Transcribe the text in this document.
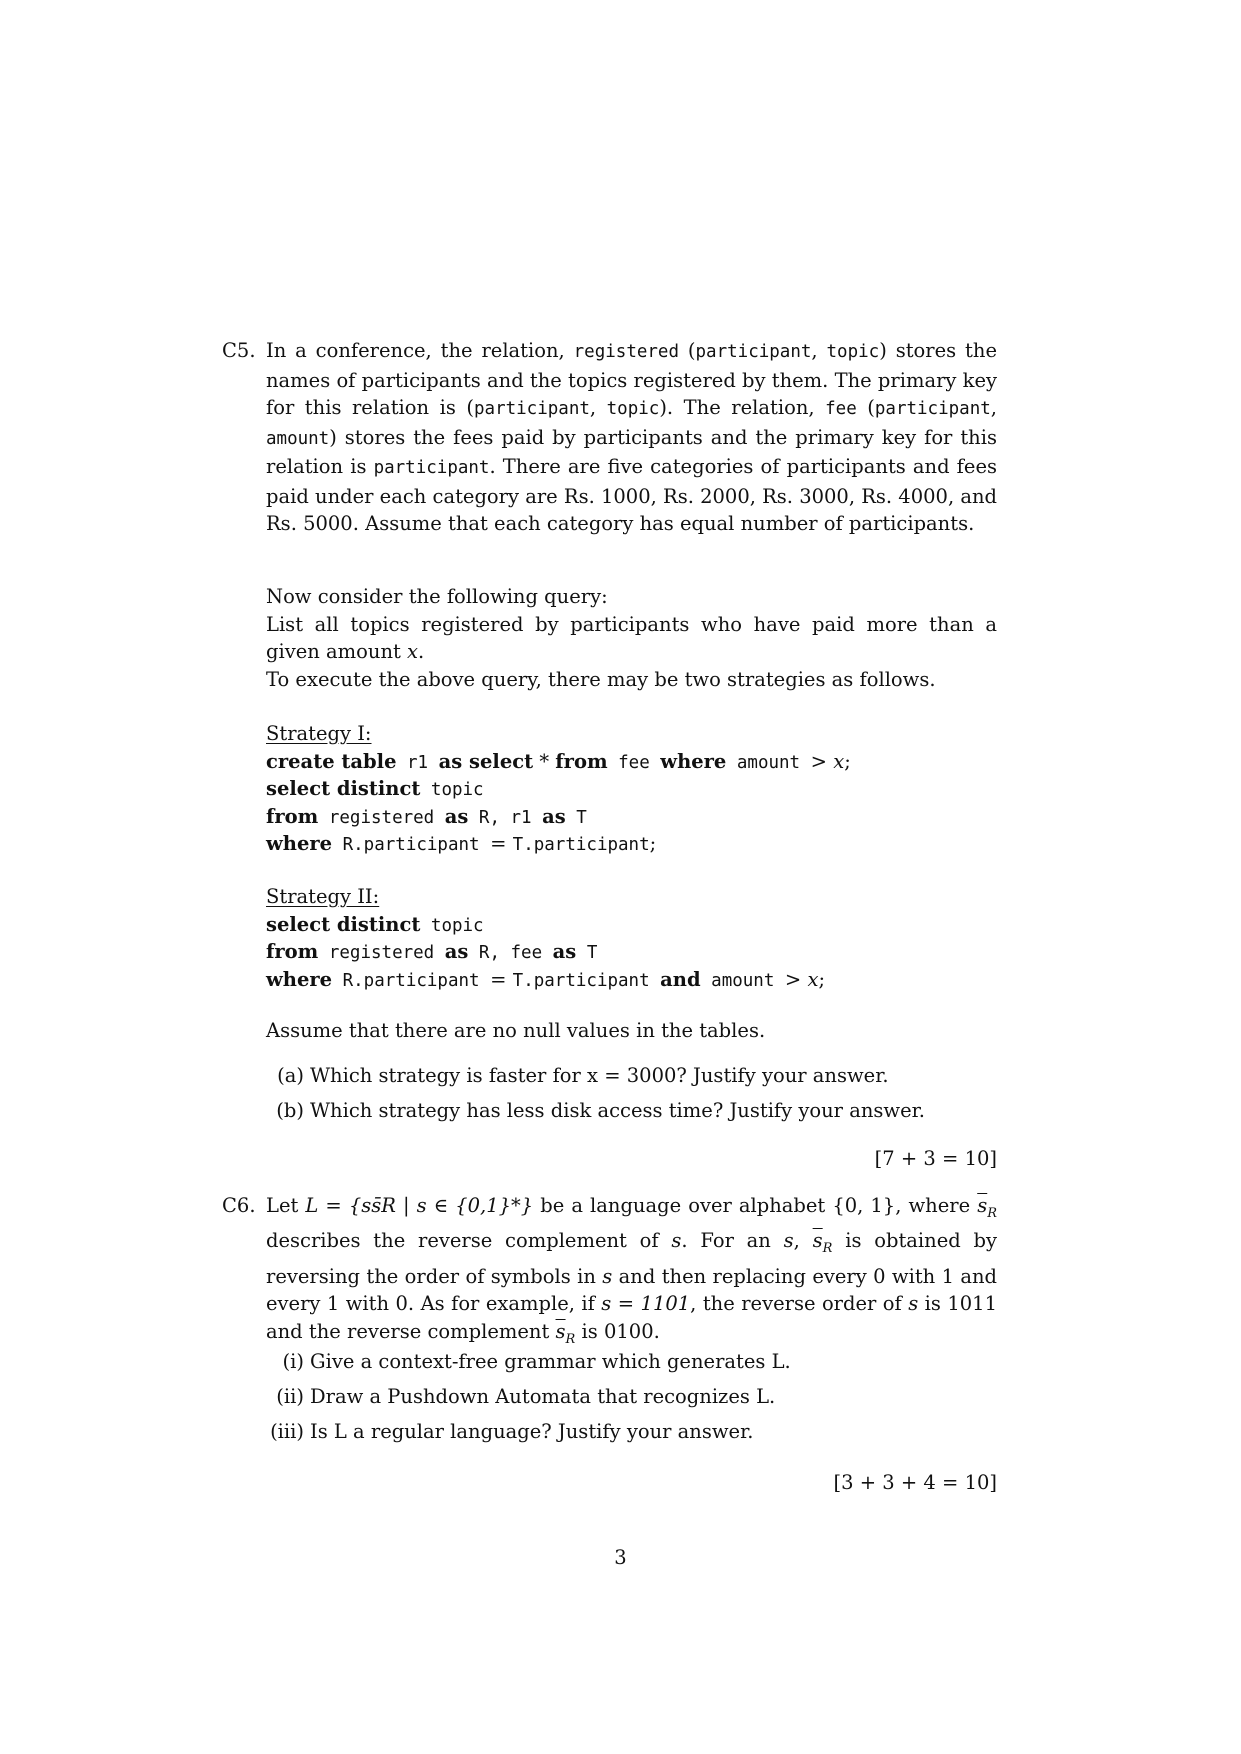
C5. In a conference, the relation, registered (participant, topic) stores the names of participants and the topics registered by them. The primary key for this relation is (participant, topic). The relation, fee (participant, amount) stores the fees paid by participants and the primary key for this relation is participant. There are five categories of participants and fees paid under each category are Rs. 1000, Rs. 2000, Rs. 3000, Rs. 4000, and Rs. 5000. Assume that each category has equal number of participants.

Now consider the following query:
List all topics registered by participants who have paid more than a given amount x.
To execute the above query, there may be two strategies as follows.
Strategy I:
create table r1 as select * from fee where amount > x;
select distinct topic
from registered as R, r1 as T
where R.participant = T.participant;
Strategy II:
select distinct topic
from registered as R, fee as T
where R.participant = T.participant and amount > x;
Assume that there are no null values in the tables.
(a) Which strategy is faster for x = 3000? Justify your answer.
(b) Which strategy has less disk access time? Justify your answer.
[7 + 3 = 10]
C6. Let L = {ss̄R | s ∈ {0,1}*} be a language over alphabet {0, 1}, where $\overline{s}_R$ describes the reverse complement of s. For an s, $\overline{s}_R$ is obtained by reversing the order of symbols in s and then replacing every 0 with 1 and every 1 with 0. As for example, if s = 1101, the reverse order of s is 1011 and the reverse complement $\overline{s}_R$ is 0100.

(i) Give a context-free grammar which generates L.
(ii) Draw a Pushdown Automata that recognizes L.
(iii) Is L a regular language? Justify your answer.
[3 + 3 + 4 = 10]
3
